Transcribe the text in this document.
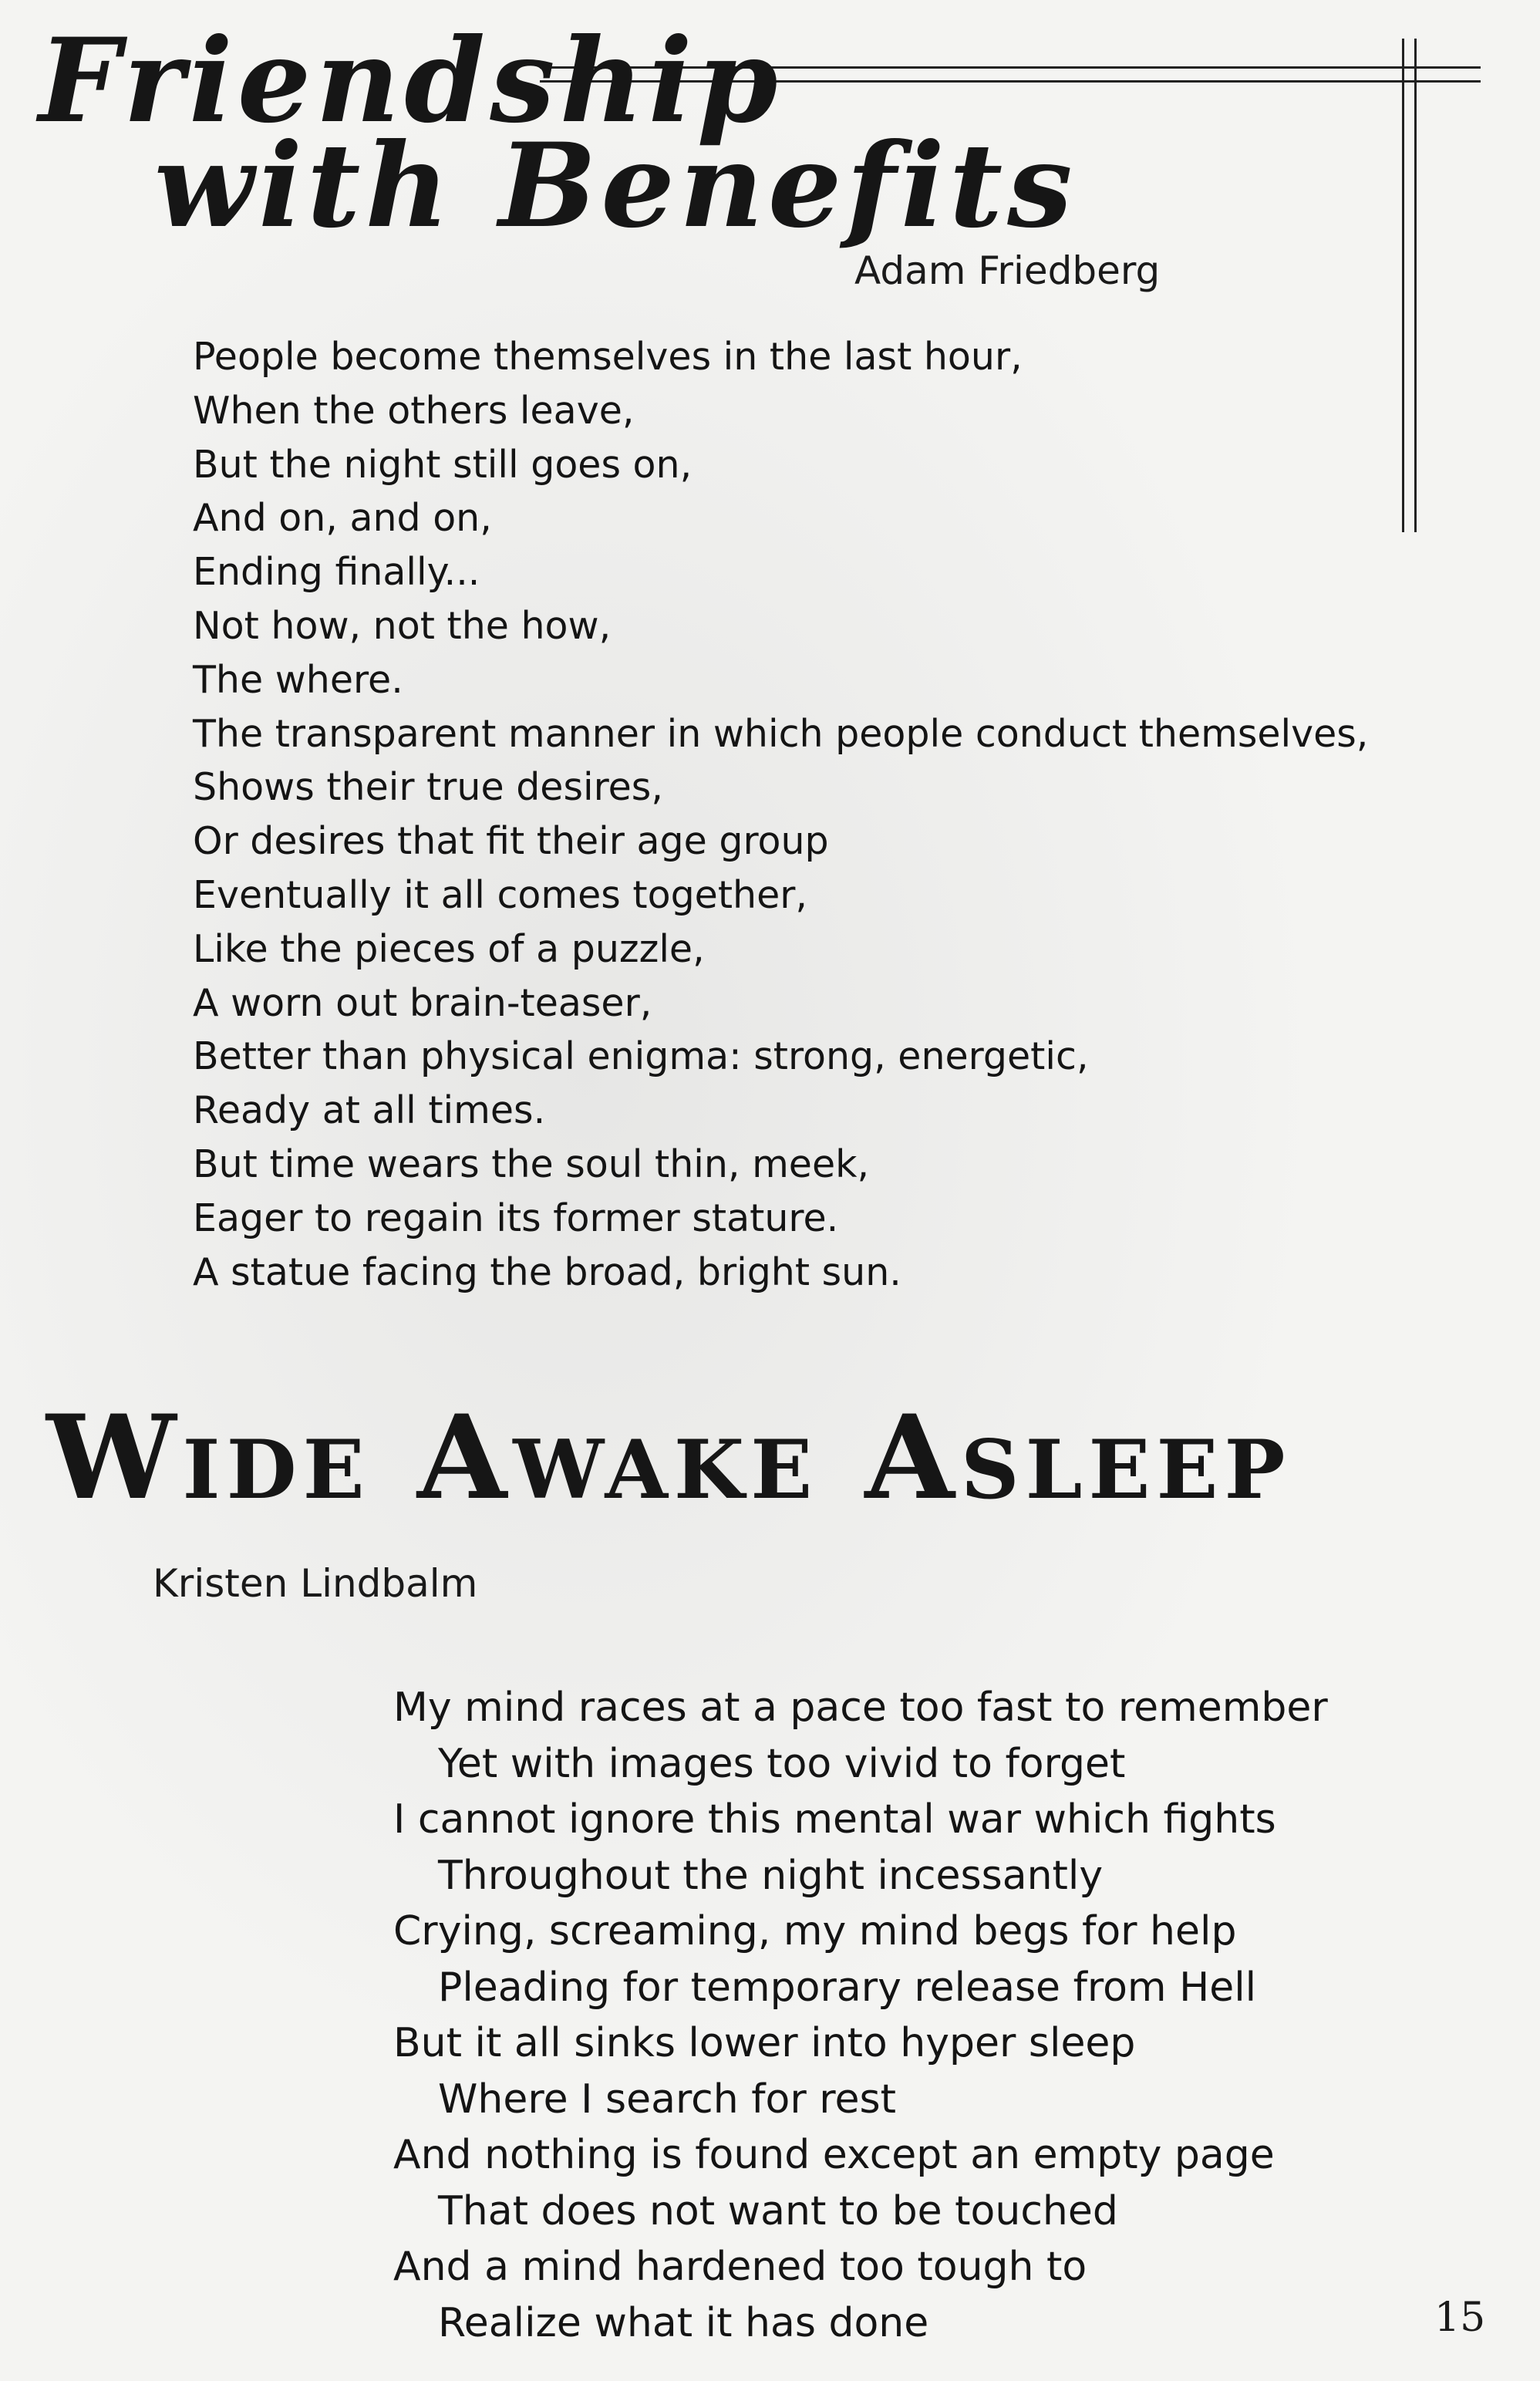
Friendship
with Benefits
Adam Friedberg
People become themselves in the last hour,
When the others leave,
But the night still goes on,
And on, and on,
Ending finally...
Not how, not the how,
The where.
The transparent manner in which people conduct themselves,
Shows their true desires,
Or desires that fit their age group
Eventually it all comes together,
Like the pieces of a puzzle,
A worn out brain-teaser,
Better than physical enigma: strong, energetic,
Ready at all times.
But time wears the soul thin, meek,
Eager to regain its former stature.
A statue facing the broad, bright sun.
Wide Awake Asleep
Kristen Lindbalm
My mind races at a pace too fast to remember
Yet with images too vivid to forget
I cannot ignore this mental war which fights
Throughout the night incessantly
Crying, screaming, my mind begs for help
Pleading for temporary release from Hell
But it all sinks lower into hyper sleep
Where I search for rest
And nothing is found except an empty page
That does not want to be touched
And a mind hardened too tough to
Realize what it has done	15
